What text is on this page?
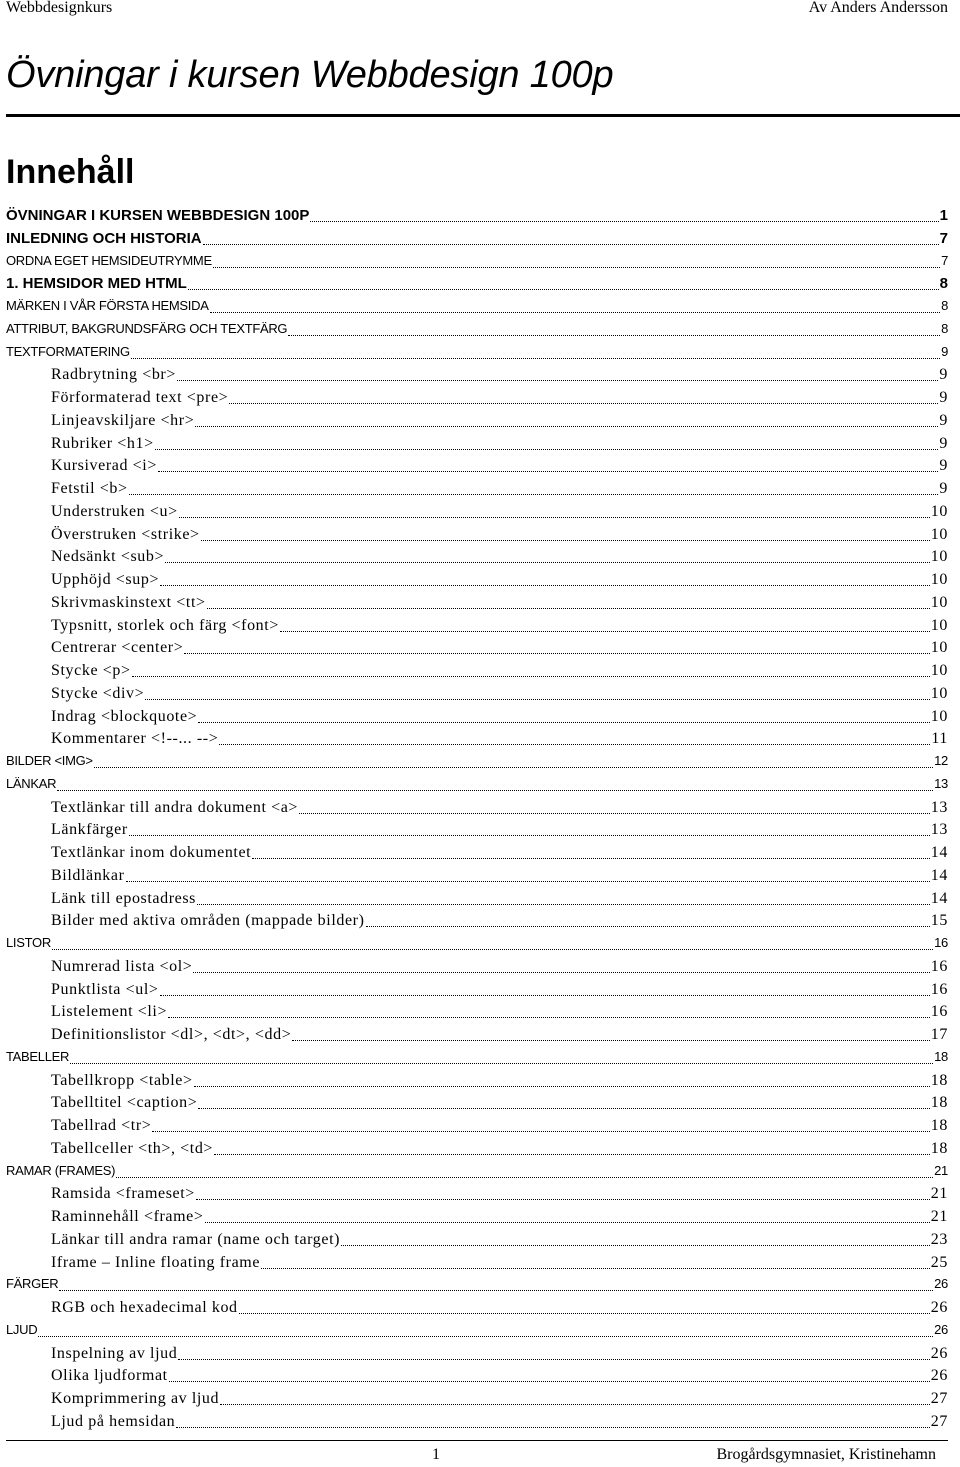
Webbdesignkurs	Av Anders Andersson
Övningar i kursen Webbdesign 100p
Innehåll
ÖVNINGAR I KURSEN WEBBDESIGN 100P	1
INLEDNING OCH HISTORIA	7
ORDNA EGET HEMSIDEUTRYMME	7
1. HEMSIDOR MED HTML	8
MÄRKEN I VÅR FÖRSTA HEMSIDA	8
ATTRIBUT, BAKGRUNDSFÄRG OCH TEXTFÄRG	8
TEXTFORMATERING	9
Radbrytning <br>	9
Förformaterad text <pre>	9
Linjeavskiljare <hr>	9
Rubriker <h1>	9
Kursiverad <i>	9
Fetstil <b>	9
Understruken <u>	10
Överstruken <strike>	10
Nedsänkt <sub>	10
Upphöjd <sup>	10
Skrivmaskinstext <tt>	10
Typsnitt, storlek och färg <font>	10
Centrerar <center>	10
Stycke <p>	10
Stycke <div>	10
Indrag <blockquote>	10
Kommentarer <!--... -->	11
BILDER <IMG>	12
LÄNKAR	13
Textlänkar till andra dokument <a>	13
Länkfärger	13
Textlänkar inom dokumentet	14
Bildlänkar	14
Länk till epostadress	14
Bilder med aktiva områden (mappade bilder)	15
LISTOR	16
Numrerad lista <ol>	16
Punktlista <ul>	16
Listelement <li>	16
Definitionslistor <dl>, <dt>, <dd>	17
TABELLER	18
Tabellkropp <table>	18
Tabelltitel <caption>	18
Tabellrad <tr>	18
Tabellceller <th>, <td>	18
RAMAR (FRAMES)	21
Ramsida <frameset>	21
Raminnehåll <frame>	21
Länkar till andra ramar (name och target)	23
Iframe – Inline floating frame	25
FÄRGER	26
RGB och hexadecimal kod	26
LJUD	26
Inspelning av ljud	26
Olika ljudformat	26
Komprimmering av ljud	27
Ljud på hemsidan	27
1	Brogårdsgymnasiet, Kristinehamn
